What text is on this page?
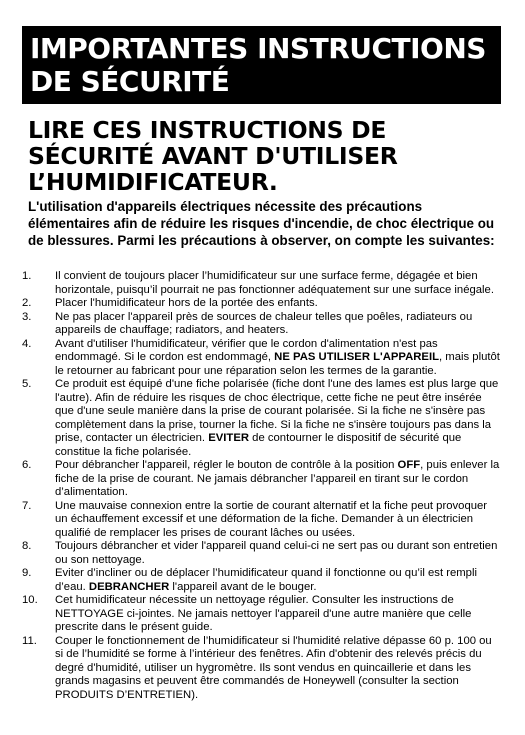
IMPORTANTES INSTRUCTIONS
DE SÉCURITÉ
LIRE CES INSTRUCTIONS DE
SÉCURITÉ AVANT D'UTILISER
L’HUMIDIFICATEUR.

L'utilisation d'appareils électriques nécessite des précautions élémentaires afin de réduire les risques d'incendie, de choc électrique ou de blessures. Parmi les précautions à observer, on compte les suivantes:

1. Il convient de toujours placer l’humidificateur sur une surface ferme, dégagée et bien horizontale, puisqu’il pourrait ne pas fonctionner adéquatement sur une surface inégale.
2. Placer l'humidificateur hors de la portée des enfants.
3. Ne pas placer l'appareil près de sources de chaleur telles que poêles, radiateurs ou appareils de chauffage; radiators, and heaters.
4. Avant d'utiliser l'humidificateur, vérifier que le cordon d'alimentation n'est pas endommagé. Si le cordon est endommagé, NE PAS UTILISER L'APPAREIL, mais plutôt le retourner au fabricant pour une réparation selon les termes de la garantie.
5. Ce produit est équipé d'une fiche polarisée (fiche dont l'une des lames est plus large que l'autre). Afin de réduire les risques de choc électrique, cette fiche ne peut être insérée que d'une seule manière dans la prise de courant polarisée. Si la fiche ne s'insère pas complètement dans la prise, tourner la fiche. Si la fiche ne s'insère toujours pas dans la prise, contacter un électricien. EVITER de contourner le dispositif de sécurité que constitue la fiche polarisée.
6. Pour débrancher l'appareil, régler le bouton de contrôle à la position OFF, puis enlever la fiche de la prise de courant. Ne jamais débrancher l’appareil en tirant sur le cordon d’alimentation.
7. Une mauvaise connexion entre la sortie de courant alternatif et la fiche peut provoquer un échauffement excessif et une déformation de la fiche. Demander à un électricien qualifié de remplacer les prises de courant lâches ou usées.
8. Toujours débrancher et vider l'appareil quand celui-ci ne sert pas ou durant son entretien ou son nettoyage.
9. Eviter d’incliner ou de déplacer l’humidificateur quand il fonctionne ou qu’il est rempli d’eau. DEBRANCHER l'appareil avant de le bouger.
10. Cet humidificateur nécessite un nettoyage régulier. Consulter les instructions de NETTOYAGE ci-jointes. Ne jamais nettoyer l'appareil d'une autre manière que celle prescrite dans le présent guide.
11. Couper le fonctionnement de l’humidificateur si l'humidité relative dépasse 60 p. 100 ou si de l’humidité se forme à l’intérieur des fenêtres. Afin d'obtenir des relevés précis du degré d'humidité, utiliser un hygromètre. Ils sont vendus en quincaillerie et dans les grands magasins et peuvent être commandés de Honeywell (consulter la section PRODUITS D’ENTRETIEN).
